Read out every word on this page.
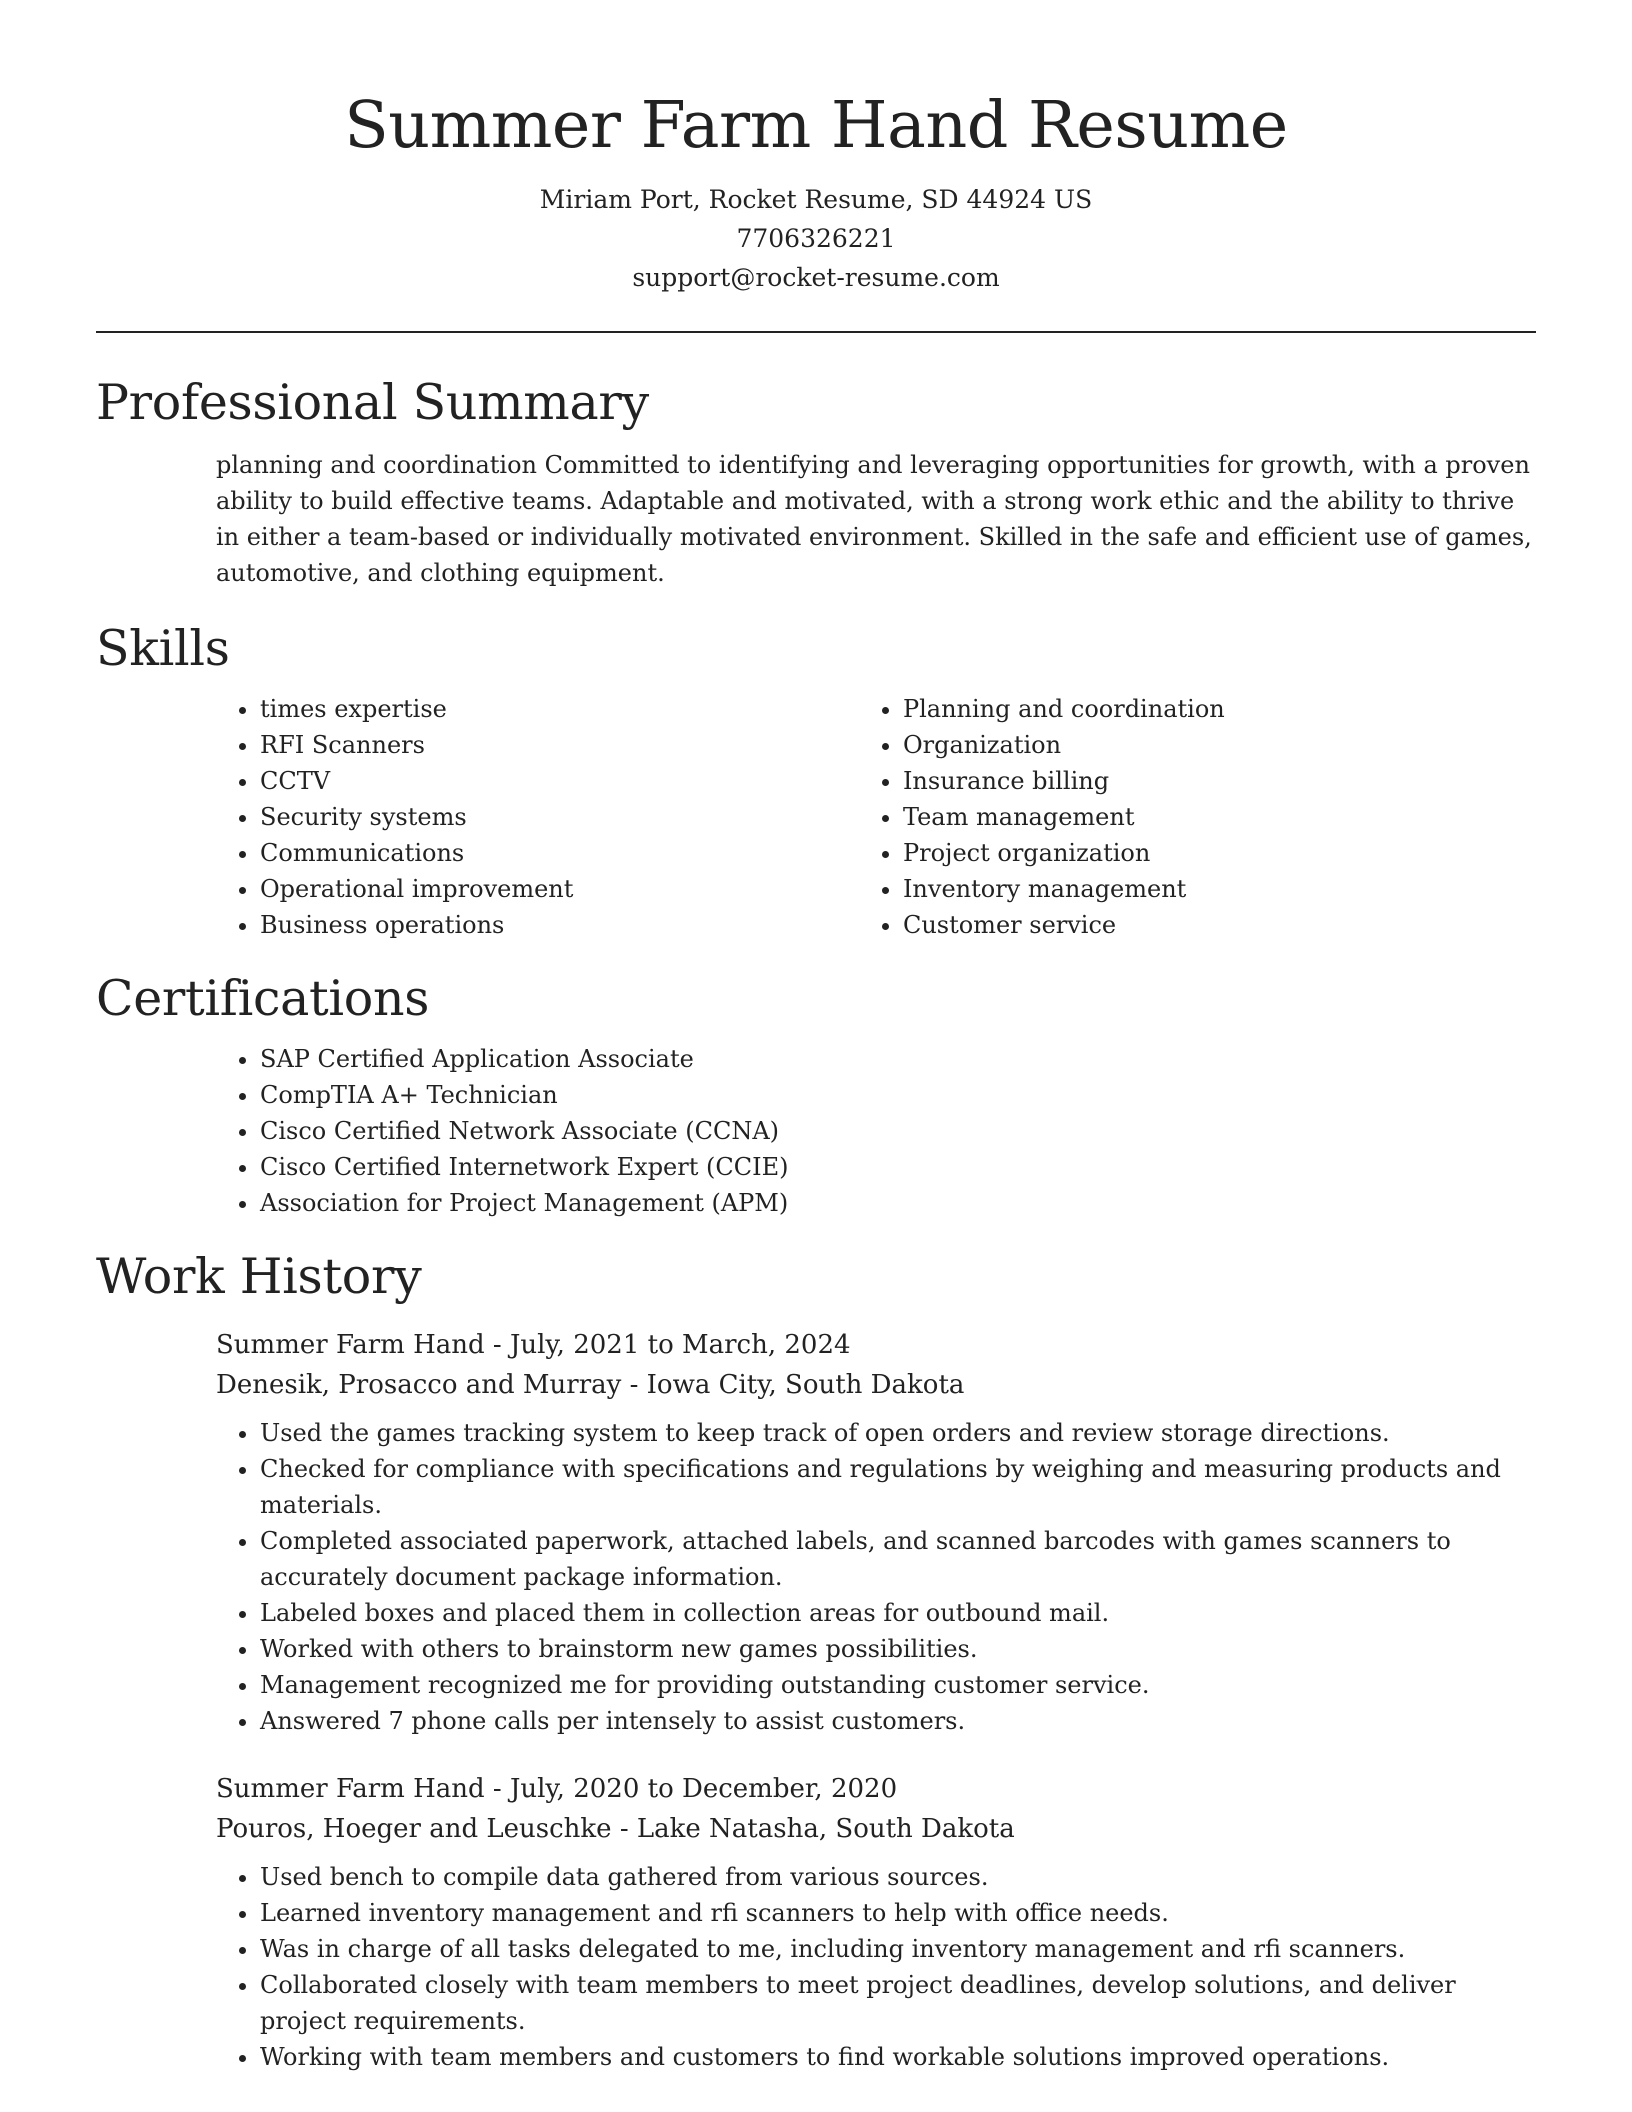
Summer Farm Hand Resume
Miriam Port, Rocket Resume, SD 44924 US
7706326221
support@rocket-resume.com
Professional Summary

planning and coordination Committed to identifying and leveraging opportunities for growth, with a proven ability to build effective teams. Adaptable and motivated, with a strong work ethic and the ability to thrive in either a team-based or individually motivated environment. Skilled in the safe and efficient use of games, automotive, and clothing equipment.

Skills
• times expertise
• RFI Scanners
• CCTV
• Security systems
• Communications
• Operational improvement
• Business operations
• Planning and coordination
• Organization
• Insurance billing
• Team management
• Project organization
• Inventory management
• Customer service
Certifications
• SAP Certified Application Associate
• CompTIA A+ Technician
• Cisco Certified Network Associate (CCNA)
• Cisco Certified Internetwork Expert (CCIE)
• Association for Project Management (APM)
Work History
Summer Farm Hand - July, 2021 to March, 2024
Denesik, Prosacco and Murray - Iowa City, South Dakota
• Used the games tracking system to keep track of open orders and review storage directions.
• Checked for compliance with specifications and regulations by weighing and measuring products and materials.
• Completed associated paperwork, attached labels, and scanned barcodes with games scanners to accurately document package information.
• Labeled boxes and placed them in collection areas for outbound mail.
• Worked with others to brainstorm new games possibilities.
• Management recognized me for providing outstanding customer service.
• Answered 7 phone calls per intensely to assist customers.
Summer Farm Hand - July, 2020 to December, 2020
Pouros, Hoeger and Leuschke - Lake Natasha, South Dakota
• Used bench to compile data gathered from various sources.
• Learned inventory management and rfi scanners to help with office needs.
• Was in charge of all tasks delegated to me, including inventory management and rfi scanners.
• Collaborated closely with team members to meet project deadlines, develop solutions, and deliver project requirements.
• Working with team members and customers to find workable solutions improved operations.
